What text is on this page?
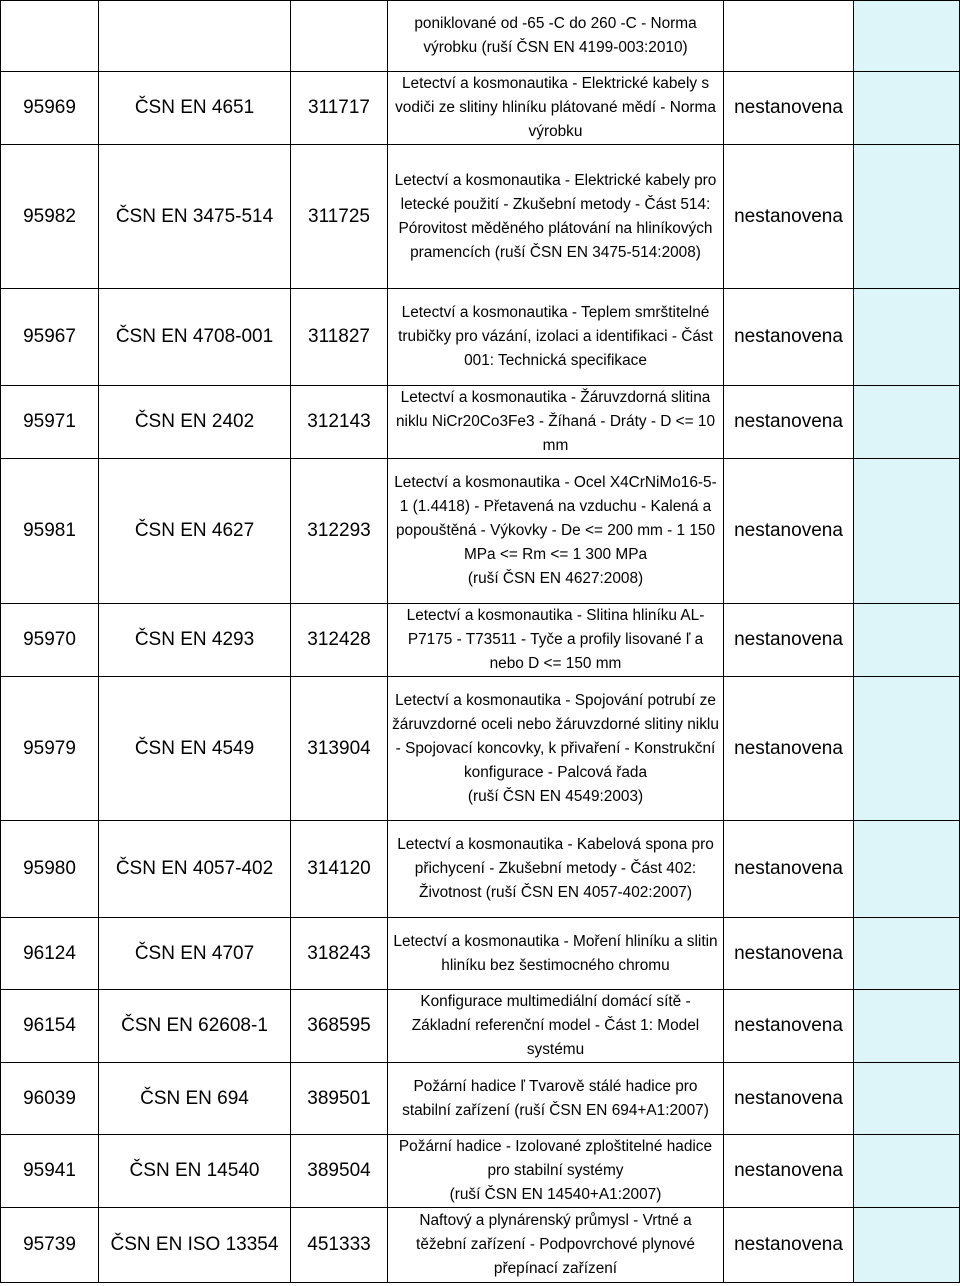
			poniklované od -65 -C do 260 -C - Norma výrobku (ruší ČSN EN 4199-003:2010)		
95969	ČSN EN 4651	311717	Letectví a kosmonautika - Elektrické kabely s vodiči ze slitiny hliníku plátované mědí - Norma výrobku	nestanovena	
95982	ČSN EN 3475-514	311725	Letectví a kosmonautika - Elektrické kabely pro letecké použití - Zkušební metody - Část 514: Pórovitost měděného plátování na hliníkových pramencích (ruší ČSN EN 3475-514:2008)	nestanovena	
95967	ČSN EN 4708-001	311827	Letectví a kosmonautika - Teplem smrštitelné trubičky pro vázání, izolaci a identifikaci - Část 001: Technická specifikace	nestanovena	
95971	ČSN EN 2402	312143	Letectví a kosmonautika - Žáruvzdorná slitina niklu NiCr20Co3Fe3 - Žíhaná - Dráty - D <= 10 mm	nestanovena	
95981	ČSN EN 4627	312293	Letectví a kosmonautika - Ocel X4CrNiMo16-5-1 (1.4418) - Přetavená na vzduchu - Kalená a popouštěná - Výkovky - De <= 200 mm - 1 150 MPa <= Rm <= 1 300 MPa (ruší ČSN EN 4627:2008)	nestanovena	
95970	ČSN EN 4293	312428	Letectví a kosmonautika - Slitina hliníku AL-P7175 - T73511 - Tyče a profily lisované ľ a nebo D <= 150 mm	nestanovena	
95979	ČSN EN 4549	313904	Letectví a kosmonautika - Spojování potrubí ze žáruvzdorné oceli nebo žáruvzdorné slitiny niklu - Spojovací koncovky, k přivaření - Konstrukční konfigurace - Palcová řada (ruší ČSN EN 4549:2003)	nestanovena	
95980	ČSN EN 4057-402	314120	Letectví a kosmonautika - Kabelová spona pro přichycení - Zkušební metody - Část 402: Životnost (ruší ČSN EN 4057-402:2007)	nestanovena	
96124	ČSN EN 4707	318243	Letectví a kosmonautika - Moření hliníku a slitin hliníku bez šestimocného chromu	nestanovena	
96154	ČSN EN 62608-1	368595	Konfigurace multimediální domácí sítě - Základní referenční model - Část 1: Model systému	nestanovena	
96039	ČSN EN 694	389501	Požární hadice ľ Tvarově stálé hadice pro stabilní zařízení (ruší ČSN EN 694+A1:2007)	nestanovena	
95941	ČSN EN 14540	389504	Požární hadice - Izolované zploštitelné hadice pro stabilní systémy (ruší ČSN EN 14540+A1:2007)	nestanovena	
95739	ČSN EN ISO 13354	451333	Naftový a plynárenský průmysl - Vrtné a těžební zařízení - Podpovrchové plynové přepínací zařízení	nestanovena	
